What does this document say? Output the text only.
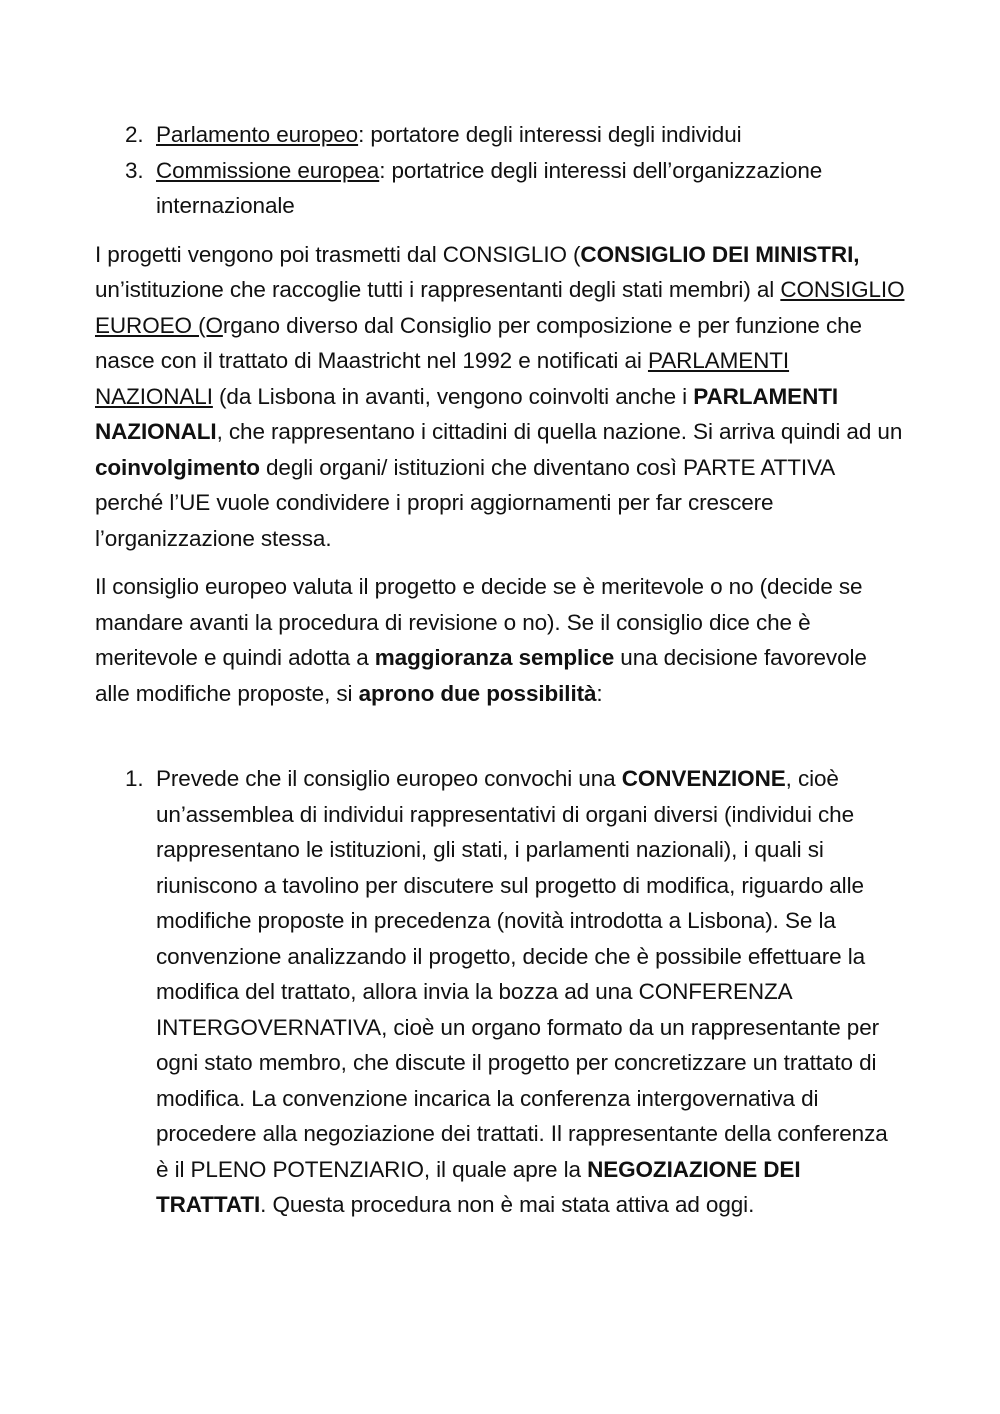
2. Parlamento europeo: portatore degli interessi degli individui
3. Commissione europea: portatrice degli interessi dell’organizzazione internazionale

I progetti vengono poi trasmetti dal CONSIGLIO (CONSIGLIO DEI MINISTRI, un’istituzione che raccoglie tutti i rappresentanti degli stati membri) al CONSIGLIO EUROEO (Organo diverso dal Consiglio per composizione e per funzione che nasce con il trattato di Maastricht nel 1992 e notificati ai PARLAMENTI NAZIONALI (da Lisbona in avanti, vengono coinvolti anche i PARLAMENTI NAZIONALI, che rappresentano i cittadini di quella nazione. Si arriva quindi ad un coinvolgimento degli organi/ istituzioni che diventano così PARTE ATTIVA perché l’UE vuole condividere i propri aggiornamenti per far crescere l’organizzazione stessa.

Il consiglio europeo valuta il progetto e decide se è meritevole o no (decide se mandare avanti la procedura di revisione o no). Se il consiglio dice che è meritevole e quindi adotta a maggioranza semplice una decisione favorevole alle modifiche proposte, si aprono due possibilità:

1. Prevede che il consiglio europeo convochi una CONVENZIONE, cioè un’assemblea di individui rappresentativi di organi diversi (individui che rappresentano le istituzioni, gli stati, i parlamenti nazionali), i quali si riuniscono a tavolino per discutere sul progetto di modifica, riguardo alle modifiche proposte in precedenza (novità introdotta a Lisbona). Se la convenzione analizzando il progetto, decide che è possibile effettuare la modifica del trattato, allora invia la bozza ad una CONFERENZA INTERGOVERNATIVA, cioè un organo formato da un rappresentante per ogni stato membro, che discute il progetto per concretizzare un trattato di modifica. La convenzione incarica la conferenza intergovernativa di procedere alla negoziazione dei trattati. Il rappresentante della conferenza è il PLENO POTENZIARIO, il quale apre la NEGOZIAZIONE DEI TRATTATI. Questa procedura non è mai stata attiva ad oggi.
